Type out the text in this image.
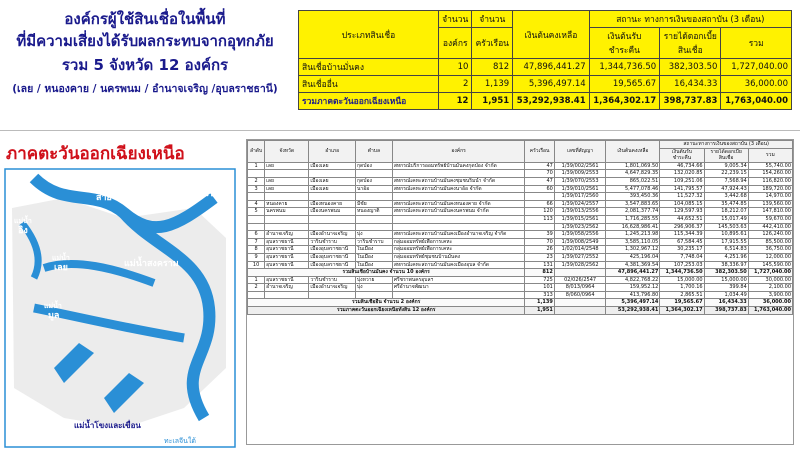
องค์กรผู้ใช้สินเชื่อในพื้นที่
ที่มีความเสี่ยงได้รับผลกระทบจากอุทกภัย
รวม 5 จังหวัด 12 องค์กร
(เลย / หนองคาย / นครพนม / อำนาจเจริญ /อุบลราชธานี)
ประเภทสินเชื่อ	จำนวน	จำนวน	เงินต้นคงเหลือ	สถานะ ทางการเงินของสถาบัน (3 เดือน)		
	องค์กร	ครัวเรือน		เงินต้นรับ
ชำระคืน	รายได้ดอกเบี้ย
สินเชื่อ	รวม
สินเชื่อบ้านมั่นคง	10	812	47,896,441.27	1,344,736.50	382,303.50	1,727,040.00
สินเชื่ออื่น	2	1,139	5,396,497.14	19,565.67	16,434.33	36,000.00
รวมภาคตะวันออกเฉียงเหนือ	12	1,951	53,292,938.41	1,364,302.17	398,737.83	1,763,040.00
ภาคตะวันออกเฉียงเหนือ
แม่น้ำ
รวก
แม่น้ำ
สาย
แม่น้ำ
อิง
แม่น้ำ
โขง
แม่น้ำ
เลย	แม่น้ำสงคราม
แม่น้ำ
มูล
แม่น้ำโขงและเขื่อน
ทะเลจีนใต้
ลำดับ	จังหวัด	อำเภอ	ตำบล	องค์กร	ครัวเรือน	เลขที่สัญญา	เงินต้นคงเหลือ	สถานะทางการเงินของสถาบัน (3 เดือน)		
								เงินต้นรับ
ชำระคืน	รายได้ดอกเบี้ย
สินเชื่อ	รวม
1	เลย	เมืองเลย	กุดป่อง	สหกรณ์บริการออมทรัพย์บ้านมั่นคงกุดป่อง จำกัด	47	1/39/002/2561	1,801,069.50	46,734.66	9,005.34	55,740.00
					70	1/39/009/2553	4,647,829.35	132,020.85	22,239.15	154,260.00
2	เลย	เมืองเลย	กุดป่อง	สหกรณ์เคหะสถานบ้านมั่นคงชุมชนริมน้ำ จำกัด	47	1/39/070/2553	865,022.51	109,251.06	7,568.94	116,820.00
3	เลย	เมืองเลย	นาอ้อ	สหกรณ์เคหะสถานบ้านมั่นคงนาอ้อ จำกัด	60	1/39/010/2561	5,477,078.46	141,795.57	47,924.43	189,720.00
						1/39/017/2560	393,450.36	11,527.32	3,442.68	14,970.00
4	หนองคาย	เมืองหนองคาย	มีชัย	สหกรณ์เคหะสถานบ้านมั่นคงหนองคาย จำกัด	66	1/39/024/2557	3,547,883.65	104,085.15	35,474.85	139,560.00
5	นครพนม	เมืองนครพนม	หนองญาติ	สหกรณ์เคหะสถานบ้านมั่นคงนครพนม จำกัด	120	1/39/013/2556	2,081,377.74	129,597.93	18,212.07	147,810.00
					113	1/39/015/2561	1,716,285.55	44,652.51	15,017.49	59,670.00
						1/39/023/2562	16,628,986.41	296,906.37	145,503.63	442,410.00
6	อำนาจเจริญ	เมืองอำนาจเจริญ	บุ่ง	สหกรณ์เคหะสถานบ้านมั่นคงเมืองอำนาจเจริญ จำกัด	39	1/39/058/2556	1,245,213.98	115,344.39	10,895.61	126,240.00
7	อุบลราชธานี	วารินชำราบ	วารินชำราบ	กลุ่มออมทรัพย์เพื่อการเคหะ	70	1/39/008/2549	3,585,110.05	67,584.45	17,915.55	85,500.00
8	อุบลราชธานี	เมืองอุบลราชธานี	ในเมือง	กลุ่มออมทรัพย์เพื่อการเคหะ	26	1/02/014/2548	1,302,967.12	30,235.17	6,514.83	36,750.00
9	อุบลราชธานี	เมืองอุบลราชธานี	ในเมือง	กลุ่มออมทรัพย์ชุมชนบ้านมั่นคง	23	1/39/027/2552	425,196.04	7,748.04	4,251.96	12,000.00
10	อุบลราชธานี	เมืองอุบลราชธานี	ในเมือง	สหกรณ์เคหะสถานบ้านมั่นคงเมืองอุบล จำกัด	131	1/39/028/2562	4,381,369.54	107,253.03	38,336.97	145,590.00
รวมสินเชื่อบ้านมั่นคง จำนวน 10 องค์กร					812		47,896,441.27	1,344,736.50	382,303.50	1,727,040.00
1	อุบลราชธานี	วารินชำราบ	บุ่งหวาย	ศรีชราพนครอุบลฯ	725	02/026/2547	4,822,768.22	15,000.00	15,000.00	30,000.00
2	อำนาจเจริญ	เมืองอำนาจเจริญ	บุ่ง	ศรีอำนาจพัฒนา	101	8/013/0964	159,952.12	1,700.16	399.84	2,100.00
					313	8/060/0964	413,796.80	2,865.51	1,034.49	3,900.00
รวมสินเชื่ออื่น จำนวน 2 องค์กร					1,139		5,396,497.14	19,565.67	16,434.33	36,000.00
รวมภาคตะวันออกเฉียงเหนือทั้งสิ้น 12 องค์กร					1,951		53,292,938.41	1,364,302.17	398,737.83	1,763,040.00
